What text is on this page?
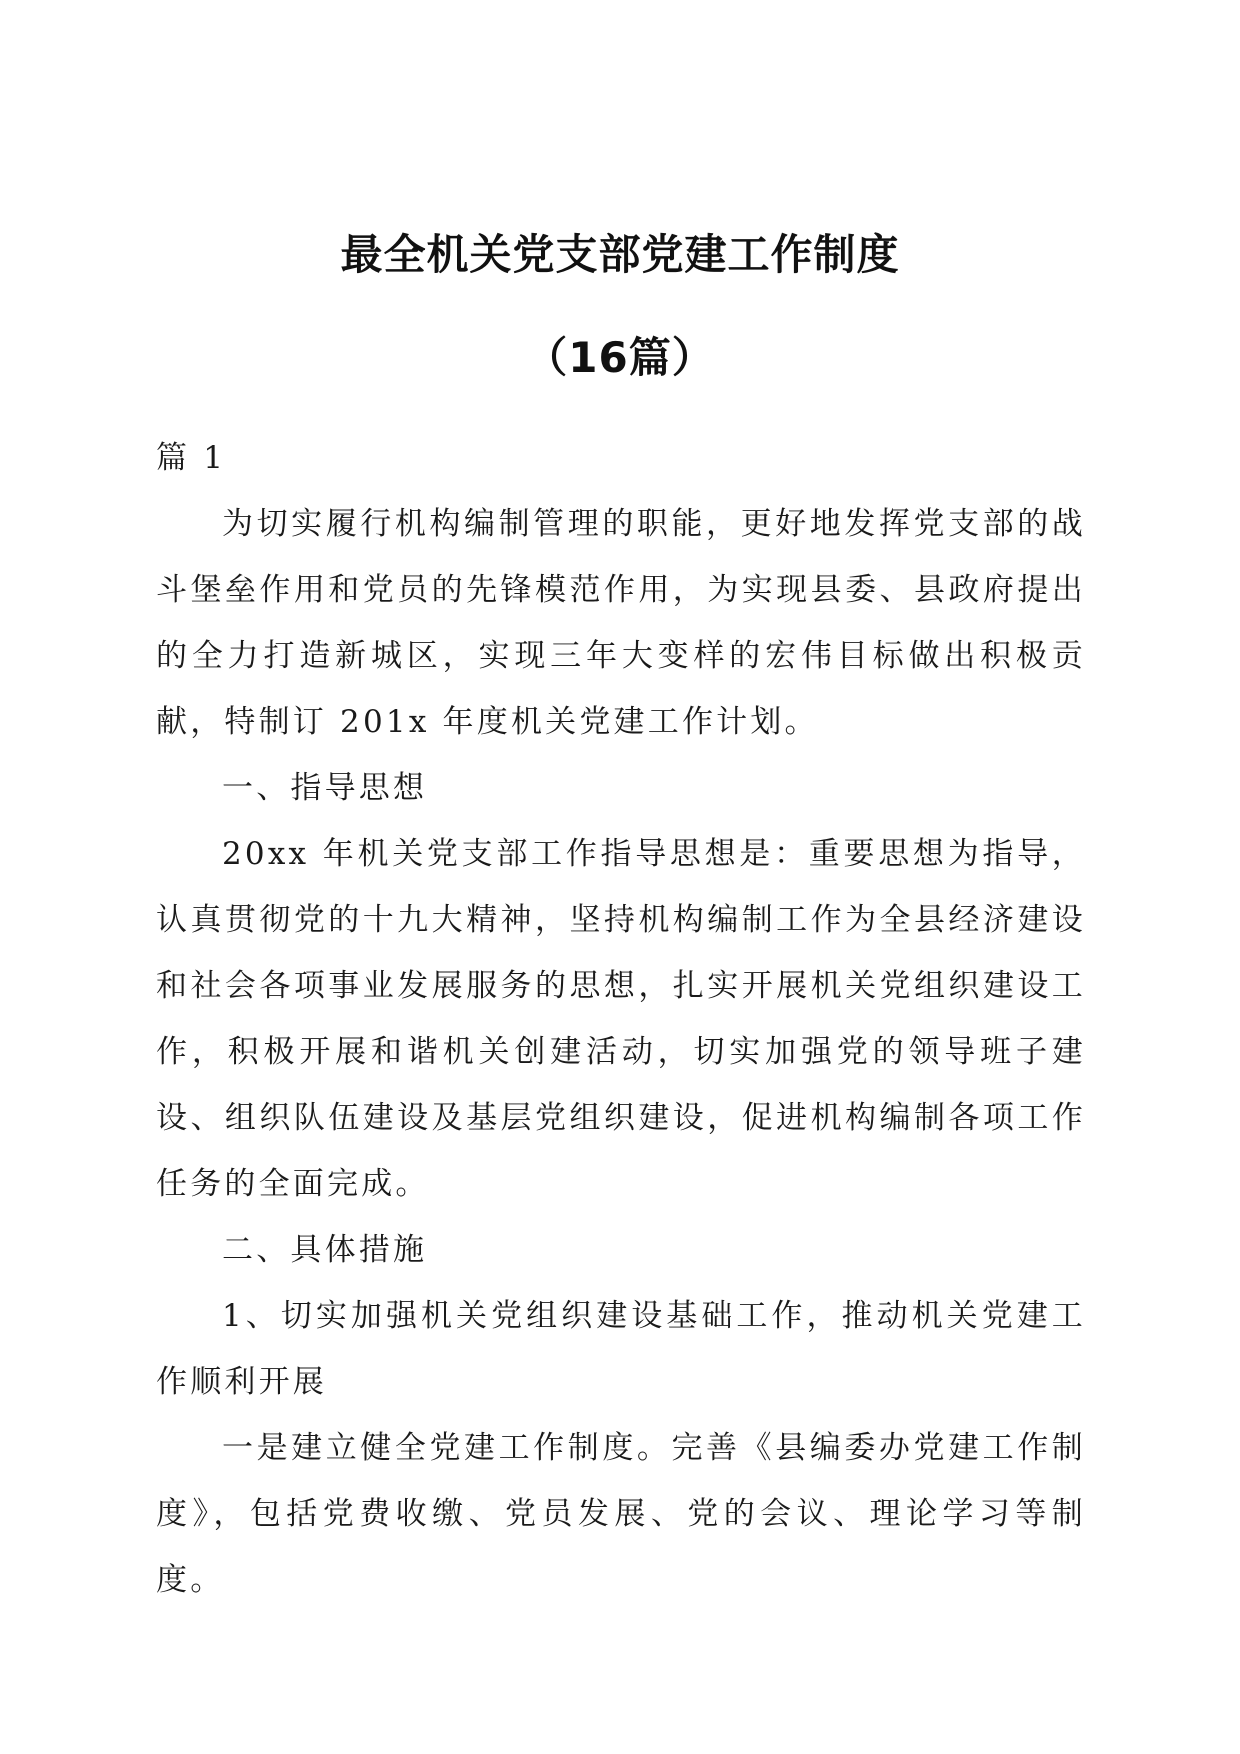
最全机关党支部党建工作制度
（16篇）

篇 1

为切实履行机构编制管理的职能，更好地发挥党支部的战斗堡垒作用和党员的先锋模范作用，为实现县委、县政府提出的全力打造新城区，实现三年大变样的宏伟目标做出积极贡献，特制订 201x 年度机关党建工作计划。

一、指导思想

20xx 年机关党支部工作指导思想是：重要思想为指导，认真贯彻党的十九大精神，坚持机构编制工作为全县经济建设和社会各项事业发展服务的思想，扎实开展机关党组织建设工作，积极开展和谐机关创建活动，切实加强党的领导班子建设、组织队伍建设及基层党组织建设，促进机构编制各项工作任务的全面完成。

二、具体措施

1、切实加强机关党组织建设基础工作，推动机关党建工作顺利开展

一是建立健全党建工作制度。完善《县编委办党建工作制度》，包括党费收缴、党员发展、党的会议、理论学习等制度。
